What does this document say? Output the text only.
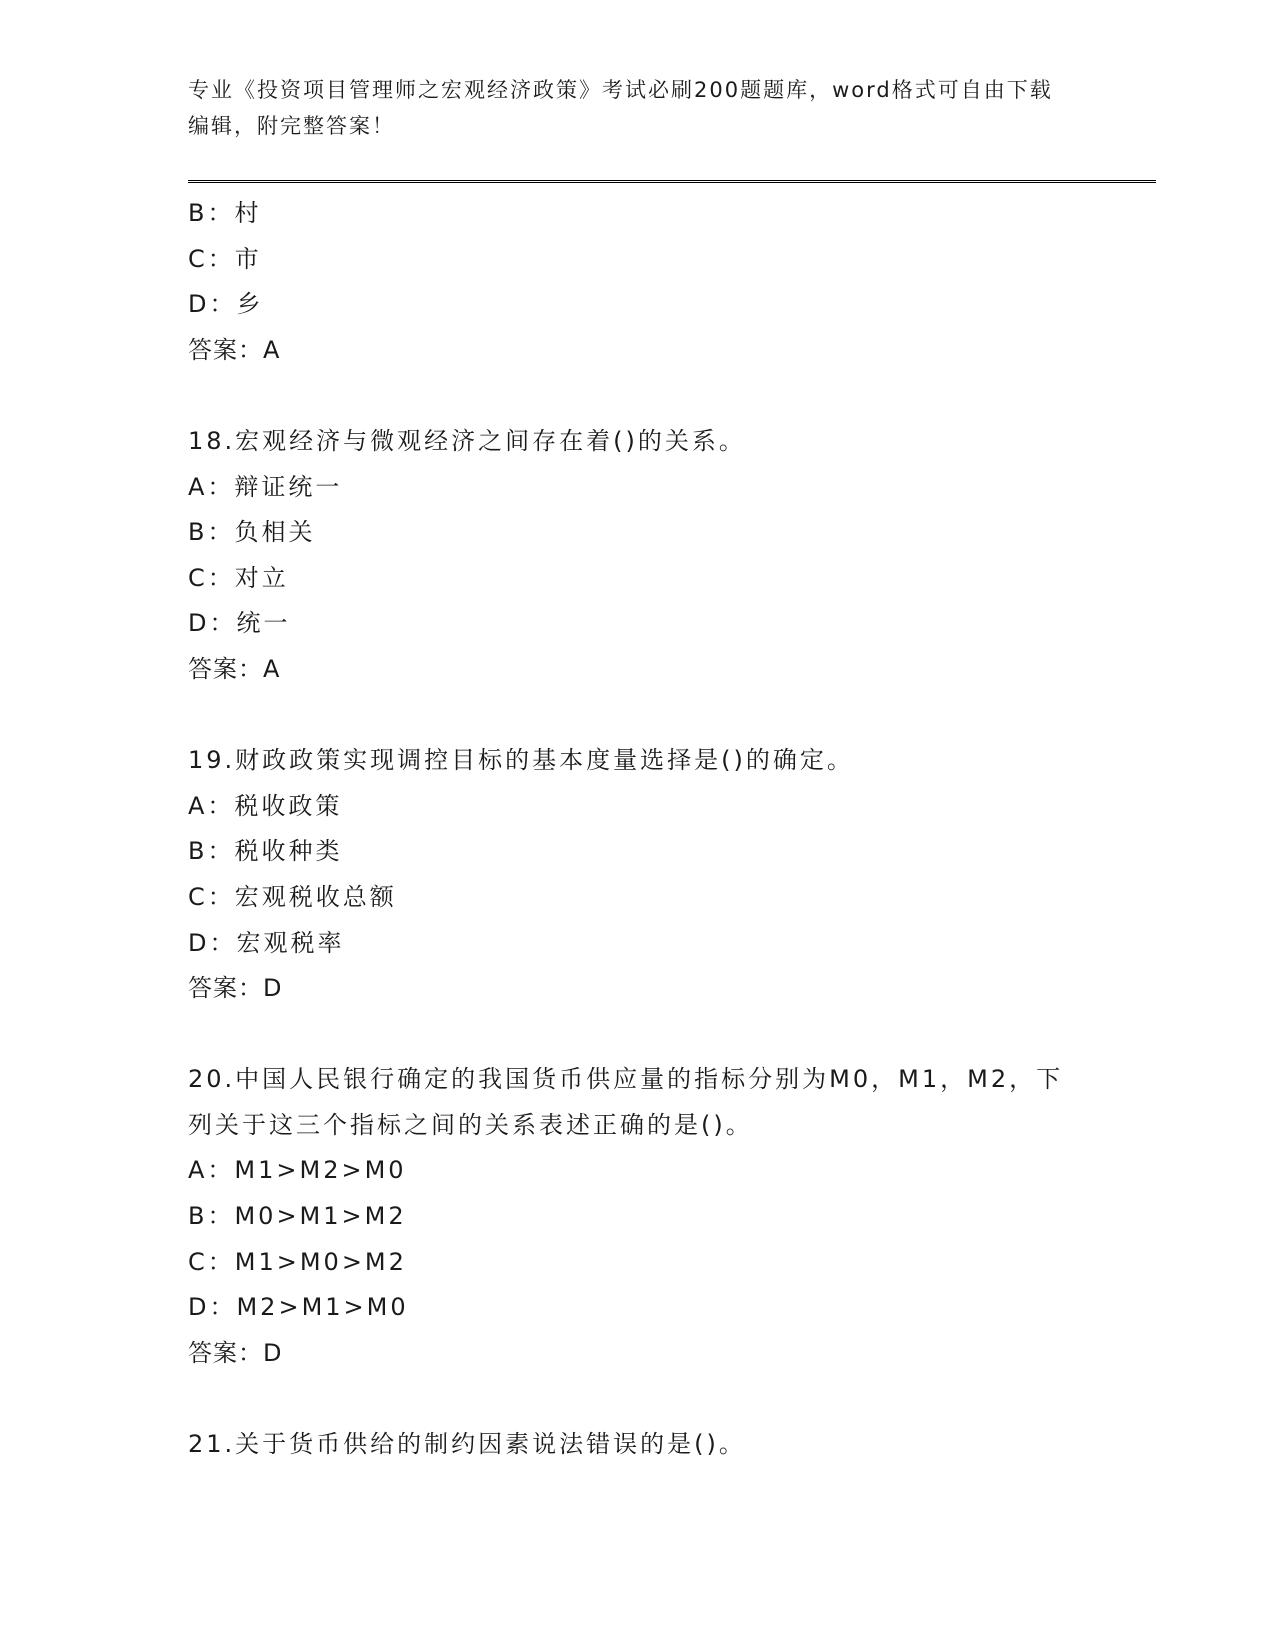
专业《投资项目管理师之宏观经济政策》考试必刷200题题库，word格式可自由下载编辑，附完整答案！
B：村
C：市
D：乡
答案：A
18.宏观经济与微观经济之间存在着()的关系。
A：辩证统一
B：负相关
C：对立
D：统一
答案：A
19.财政政策实现调控目标的基本度量选择是()的确定。
A：税收政策
B：税收种类
C：宏观税收总额
D：宏观税率
答案：D
20.中国人民银行确定的我国货币供应量的指标分别为M0，M1，M2，下列关于这三个指标之间的关系表述正确的是()。
A：M1>M2>M0
B：M0>M1>M2
C：M1>M0>M2
D：M2>M1>M0
答案：D
21.关于货币供给的制约因素说法错误的是()。
